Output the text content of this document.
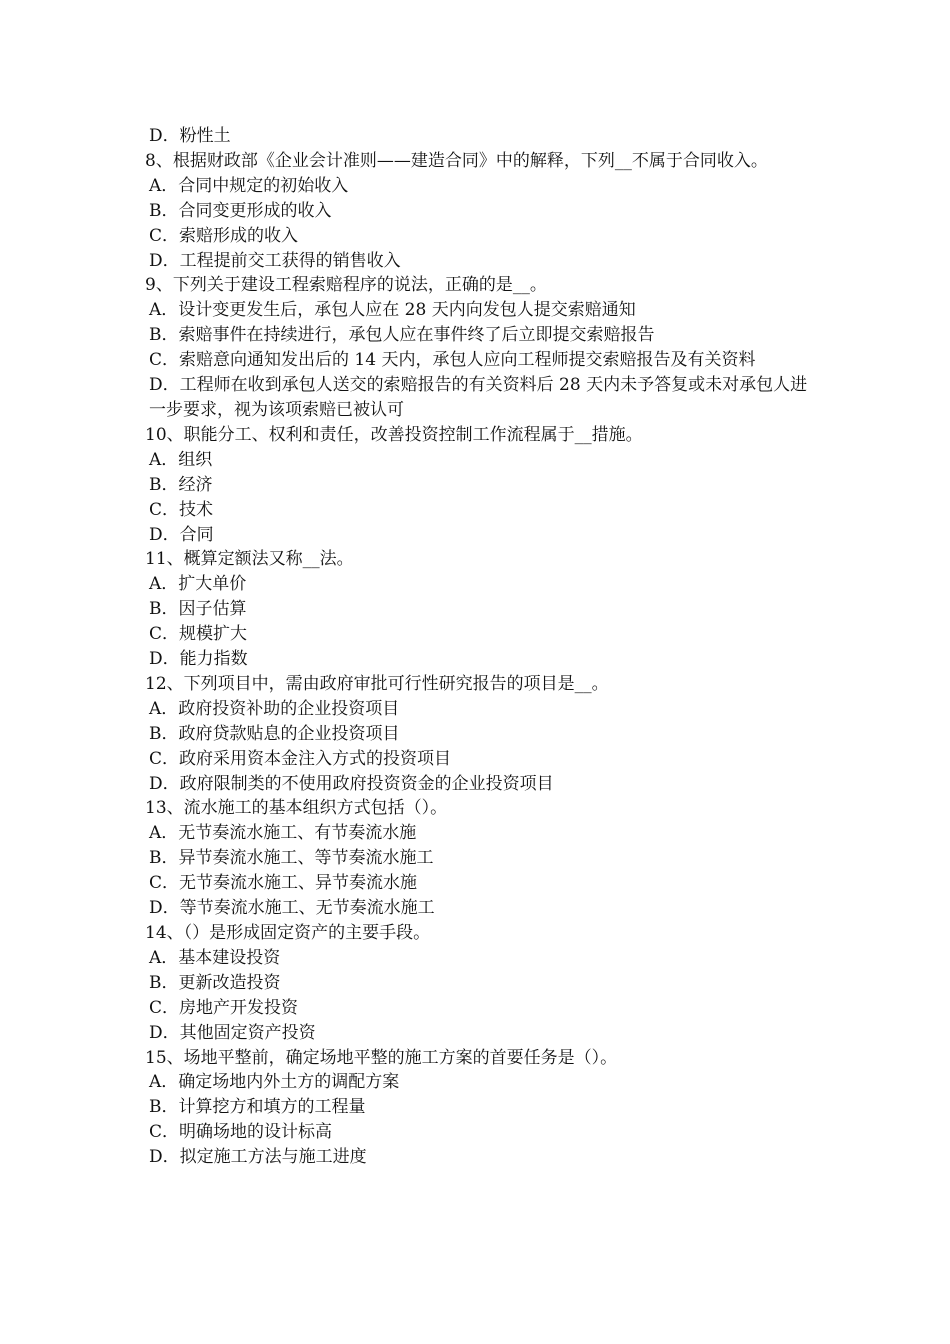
D．粉性土
8、根据财政部《企业会计准则——建造合同》中的解释，下列__不属于合同收入。
A．合同中规定的初始收入
B．合同变更形成的收入
C．索赔形成的收入
D．工程提前交工获得的销售收入
9、下列关于建设工程索赔程序的说法，正确的是__。
A．设计变更发生后，承包人应在 28 天内向发包人提交索赔通知
B．索赔事件在持续进行，承包人应在事件终了后立即提交索赔报告
C．索赔意向通知发出后的 14 天内，承包人应向工程师提交索赔报告及有关资料
D．工程师在收到承包人送交的索赔报告的有关资料后 28 天内未予答复或未对承包人进一步要求，视为该项索赔已被认可
10、职能分工、权利和责任，改善投资控制工作流程属于__措施。
A．组织
B．经济
C．技术
D．合同
11、概算定额法又称__法。
A．扩大单价
B．因子估算
C．规模扩大
D．能力指数
12、下列项目中，需由政府审批可行性研究报告的项目是__。
A．政府投资补助的企业投资项目
B．政府贷款贴息的企业投资项目
C．政府采用资本金注入方式的投资项目
D．政府限制类的不使用政府投资资金的企业投资项目
13、流水施工的基本组织方式包括（）。
A．无节奏流水施工、有节奏流水施
B．异节奏流水施工、等节奏流水施工
C．无节奏流水施工、异节奏流水施
D．等节奏流水施工、无节奏流水施工
14、（）是形成固定资产的主要手段。
A．基本建设投资
B．更新改造投资
C．房地产开发投资
D．其他固定资产投资
15、场地平整前，确定场地平整的施工方案的首要任务是（）。
A．确定场地内外土方的调配方案
B．计算挖方和填方的工程量
C．明确场地的设计标高
D．拟定施工方法与施工进度
